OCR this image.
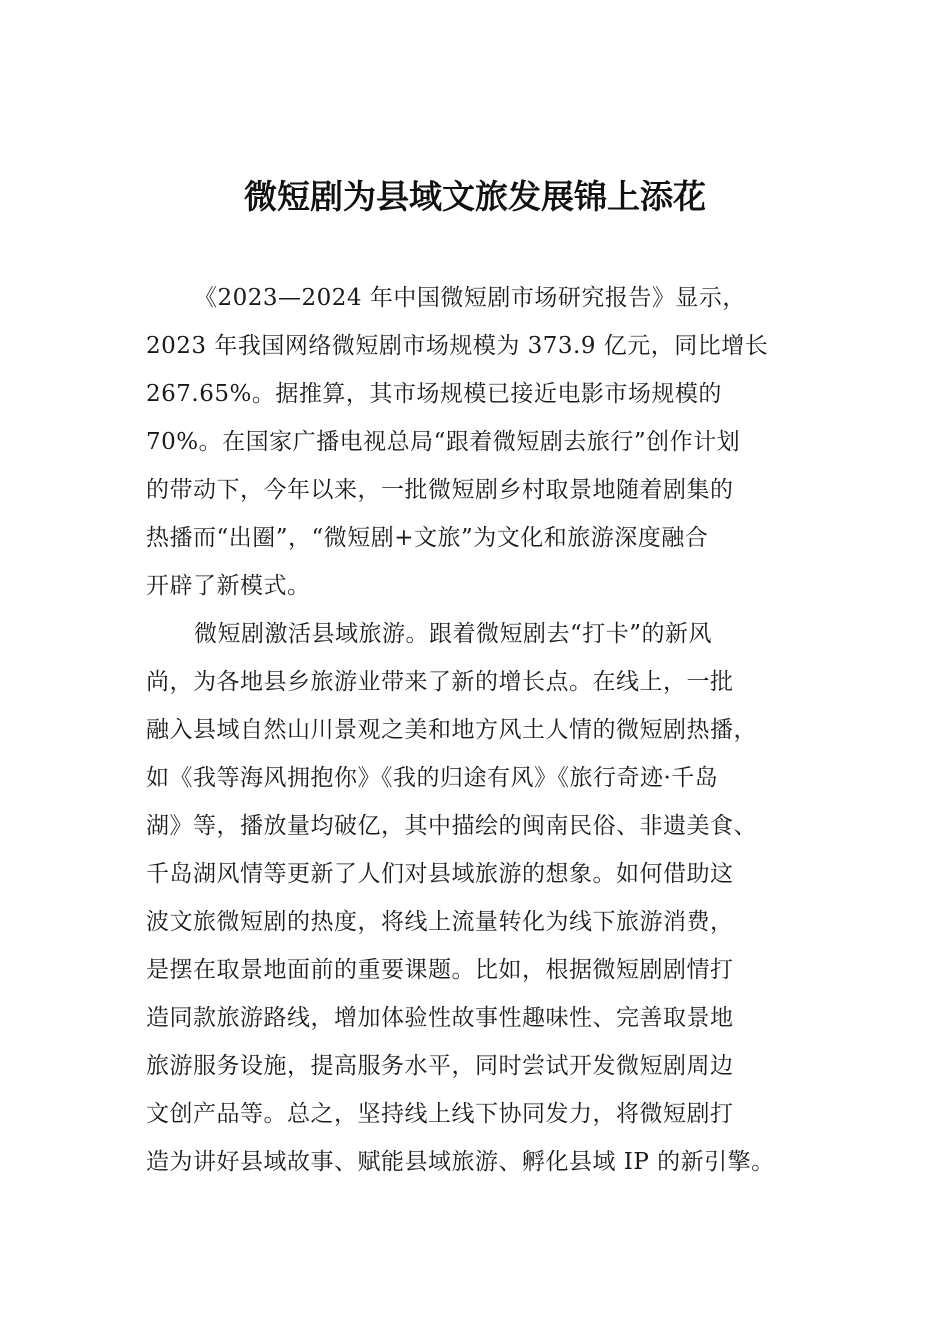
微短剧为县域文旅发展锦上添花
《2023—2024 年中国微短剧市场研究报告》显示，
2023 年我国网络微短剧市场规模为 373.9 亿元，同比增长
267.65%。据推算，其市场规模已接近电影市场规模的
70%。在国家广播电视总局“跟着微短剧去旅行”创作计划
的带动下，今年以来，一批微短剧乡村取景地随着剧集的
热播而“出圈”，“微短剧+文旅”为文化和旅游深度融合
开辟了新模式。
微短剧激活县域旅游。跟着微短剧去“打卡”的新风
尚，为各地县乡旅游业带来了新的增长点。在线上，一批
融入县域自然山川景观之美和地方风土人情的微短剧热播，
如《我等海风拥抱你》《我的归途有风》《旅行奇迹·千岛
湖》等，播放量均破亿，其中描绘的闽南民俗、非遗美食、
千岛湖风情等更新了人们对县域旅游的想象。如何借助这
波文旅微短剧的热度，将线上流量转化为线下旅游消费，
是摆在取景地面前的重要课题。比如，根据微短剧剧情打
造同款旅游路线，增加体验性故事性趣味性、完善取景地
旅游服务设施，提高服务水平，同时尝试开发微短剧周边
文创产品等。总之，坚持线上线下协同发力，将微短剧打
造为讲好县域故事、赋能县域旅游、孵化县域 IP 的新引擎。
